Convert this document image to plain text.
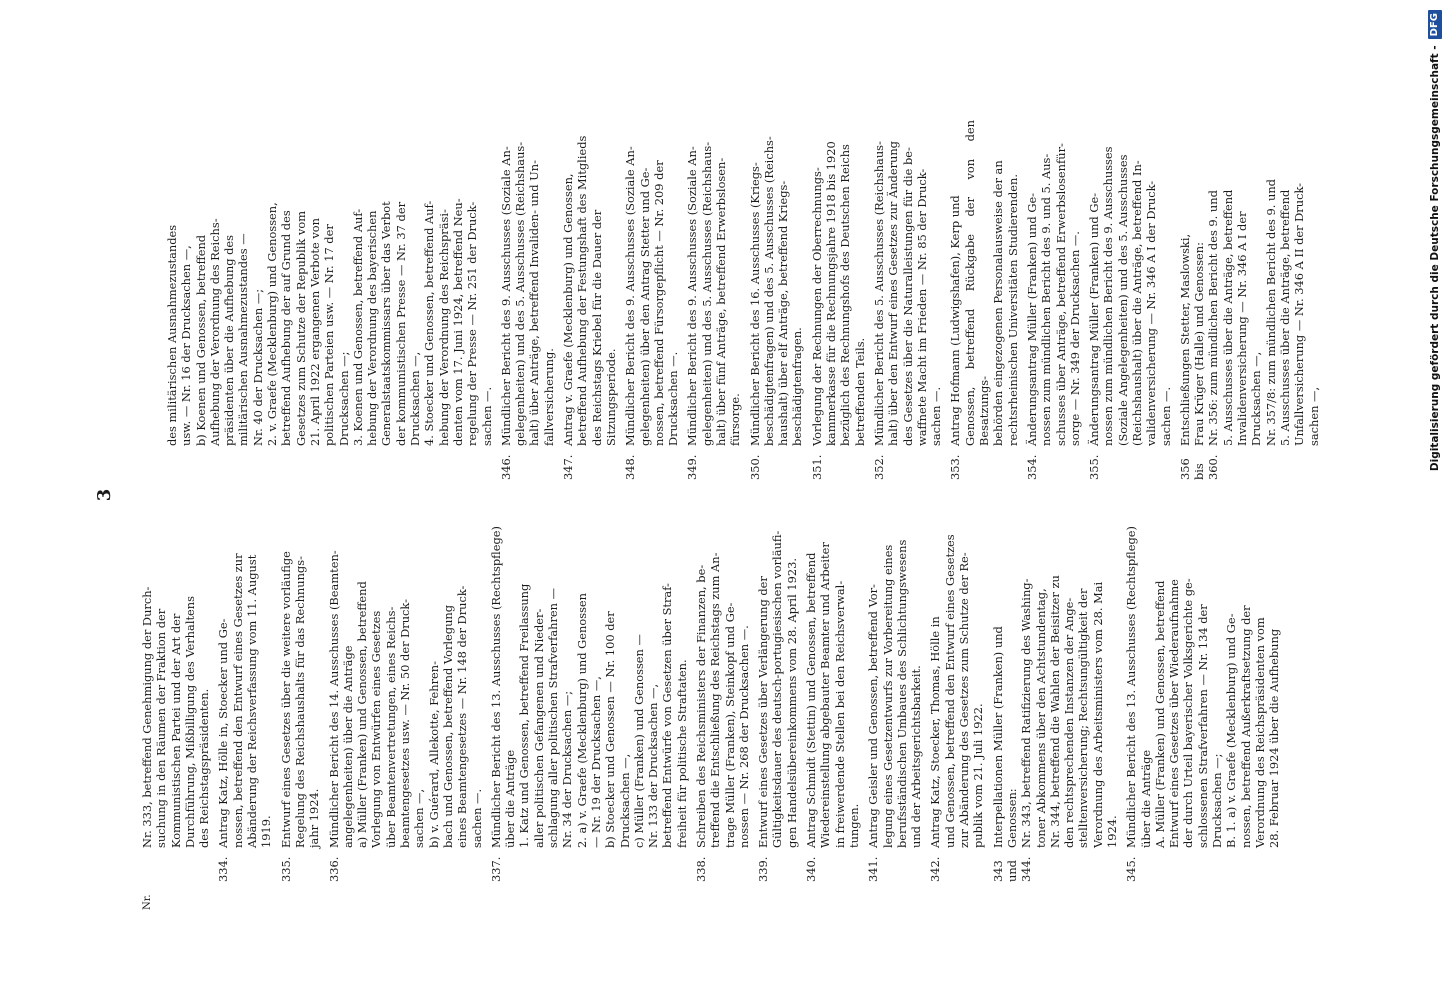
3
Nr.

Nr. 333, betreffend Genehmigung der Durch- suchung in den Räumen der Fraktion der Kommunistischen Partei und der Art der Durchführung, Mißbilligung des Verhaltens des Reichstagspräsidenten.

334.

Antrag Katz, Hölle in, Stoecker und Ge- nossen, betreffend den Entwurf eines Gesetzes zur Abänderung der Reichsverfassung vom 11. August 1919.

335.

Entwurf eines Gesetzes über die weitere vorläufige Regelung des Reichshaushalts für das Rechnungs- jahr 1924.

336.

Mündlicher Bericht des 14. Ausschusses (Beamten- angelegenheiten) über die Anträge a) Müller (Franken) und Genossen, betreffend Vorlegung von Entwürfen eines Gesetzes über Beamtenvertretungen, eines Reichs- beamtengesetzes usw. — Nr. 50 der Druck- sachen —, b) v. Guérard, Allekotte, Fehren- bach und Genossen, betreffend Vorlegung eines Beamtengesetzes — Nr. 148 der Druck- sachen —.

337.

Mündlicher Bericht des 13. Ausschusses (Rechtspflege) über die Anträge 1. Katz und Genossen, betreffend Freilassung aller politischen Gefangenen und Nieder- schlagung aller politischen Strafverfahren — Nr. 34 der Drucksachen —; 2. a) v. Graefe (Mecklenburg) und Genossen — Nr. 19 der Drucksachen —, b) Stoecker und Genossen — Nr. 100 der Drucksachen —, c) Müller (Franken) und Genossen — Nr. 133 der Drucksachen —, betreffend Entwürfe von Gesetzen über Straf- freiheit für politische Straftaten.

338.

Schreiben des Reichsministers der Finanzen, be- treffend die Entschließung des Reichstags zum An- trage Müller (Franken), Steinkopf und Ge- nossen — Nr. 268 der Drucksachen —.

339.

Entwurf eines Gesetzes über Verlängerung der Gültigkeitsdauer des deutsch-portugiesischen vorläufi- gen Handelsübereinkommens vom 28. April 1923.

340.

Antrag Schmidt (Stettin) und Genossen, betreffend Wiedereinstellung abgebauter Beamter und Arbeiter in freiwerdende Stellen bei den Reichsverwal- tungen.

341.

Antrag Geisler und Genossen, betreffend Vor- legung eines Gesetzentwurfs zur Vorbereitung eines berufsständischen Umbaues des Schlichtungswesens und der Arbeitsgerichtsbarkeit.

342.

Antrag Katz, Stoecker, Thomas, Hölle in und Genossen, betreffend den Entwurf eines Gesetzes zur Abänderung des Gesetzes zum Schutze der Re- publik vom 21. Juli 1922.

343 und 344.

Interpellationen Müller (Franken) und Genossen: Nr. 343, betreffend Ratifizierung des Washing- toner Abkommens über den Achtstundentag, Nr. 344, betreffend die Wahlen der Beisitzer zu den rechtsprechenden Instanzen der Ange- stelltenversicherung; Rechtsungültigkeit der Verordnung des Arbeitsministers vom 28. Mai 1924.

345.

Mündlicher Bericht des 13. Ausschusses (Rechtspflege) über die Anträge A. Müller (Franken) und Genossen, betreffend Entwurf eines Gesetzes über Wiederaufnahme der durch Urteil bayerischer Volksgerichte ge- schlossenen Strafverfahren — Nr. 134 der Drucksachen —; B. 1. a) v. Graefe (Mecklenburg) und Ge- nossen, betreffend Außerkraftsetzung der Verordnung des Reichspräsidenten vom 28. Februar 1924 über die Aufhebung

des militärischen Ausnahmezustandes usw. — Nr. 16 der Drucksachen —, b) Koenen und Genossen, betreffend Aufhebung der Verordnung des Reichs- präsidenten über die Aufhebung des militärischen Ausnahmezustandes — Nr. 40 der Drucksachen —; 2. v. Graefe (Mecklenburg) und Genossen, betreffend Aufhebung der auf Grund des Gesetzes zum Schutze der Republik vom 21. April 1922 ergangenen Verbote von politischen Parteien usw. — Nr. 17 der Drucksachen —; 3. Koenen und Genossen, betreffend Auf- hebung der Verordnung des bayerischen Generalstaatskommissars über das Verbot der kommunistischen Presse — Nr. 37 der Drucksachen —, 4. Stoecker und Genossen, betreffend Auf- hebung der Verordnung des Reichspräsi- denten vom 17. Juni 1924, betreffend Neu- regelung der Presse — Nr. 251 der Druck- sachen —.

346.

Mündlicher Bericht des 9. Ausschusses (Soziale An- gelegenheiten) und des 5. Ausschusses (Reichshaus- halt) über Anträge, betreffend Invaliden- und Un- fallversicherung.

347.

Antrag v. Graefe (Mecklenburg) und Genossen, betreffend Aufhebung der Festungshaft des Mitglieds des Reichstags Kriebel für die Dauer der Sitzungsperiode.

348.

Mündlicher Bericht des 9. Ausschusses (Soziale An- gelegenheiten) über den Antrag Stetter und Ge- nossen, betreffend Fürsorgepflicht — Nr. 209 der Drucksachen —.

349.

Mündlicher Bericht des 9. Ausschusses (Soziale An- gelegenheiten) und des 5. Ausschusses (Reichshaus- halt) über fünf Anträge, betreffend Erwerbslosen- fürsorge.

350.

Mündlicher Bericht des 16. Ausschusses (Kriegs- beschädigtenfragen) und des 5. Ausschusses (Reichs- haushalt) über elf Anträge, betreffend Kriegs- beschädigtenfragen.

351.

Vorlegung der Rechnungen der Oberrechnungs- kammerkasse für die Rechnungsjahre 1918 bis 1920 bezüglich des Rechnungshofs des Deutschen Reichs betreffenden Teils.

352.

Mündlicher Bericht des 5. Ausschusses (Reichshaus- halt) über den Entwurf eines Gesetzes zur Änderung des Gesetzes über die Naturalleistungen für die be- waffnete Macht im Frieden — Nr. 85 der Druck- sachen —.

353.

Antrag Hofmann (Ludwigshafen), Kerp und Genossen, betreffend Rückgabe der von den Besatzungs- behörden eingezogenen Personalausweise der an rechtsrheinischen Universitäten Studierenden.

354.

Änderungsantrag Müller (Franken) und Ge- nossen zum mündlichen Bericht des 9. und 5. Aus- schusses über Anträge, betreffend Erwerbslosenfür- sorge — Nr. 349 der Drucksachen —.

355.

Änderungsantrag Müller (Franken) und Ge- nossen zum mündlichen Bericht des 9. Ausschusses (Soziale Angelegenheiten) und des 5. Ausschusses (Reichshaushalt) über die Anträge, betreffend In- validenversicherung — Nr. 346 A I der Druck- sachen —.

356 bis 360.

Entschließungen Stetter, Maslowski, Frau Krüger (Halle) und Genossen: Nr. 356: zum mündlichen Bericht des 9. und 5. Ausschusses über die Anträge, betreffend Invalidenversicherung — Nr. 346 A I der Drucksachen —, Nr. 357/8: zum mündlichen Bericht des 9. und 5. Ausschusses über die Anträge, betreffend Unfallversicherung — Nr. 346 A II der Druck- sachen —,	Digitalisierung gefördert durch die Deutsche Forschungsgemeinschaft -
DFG
